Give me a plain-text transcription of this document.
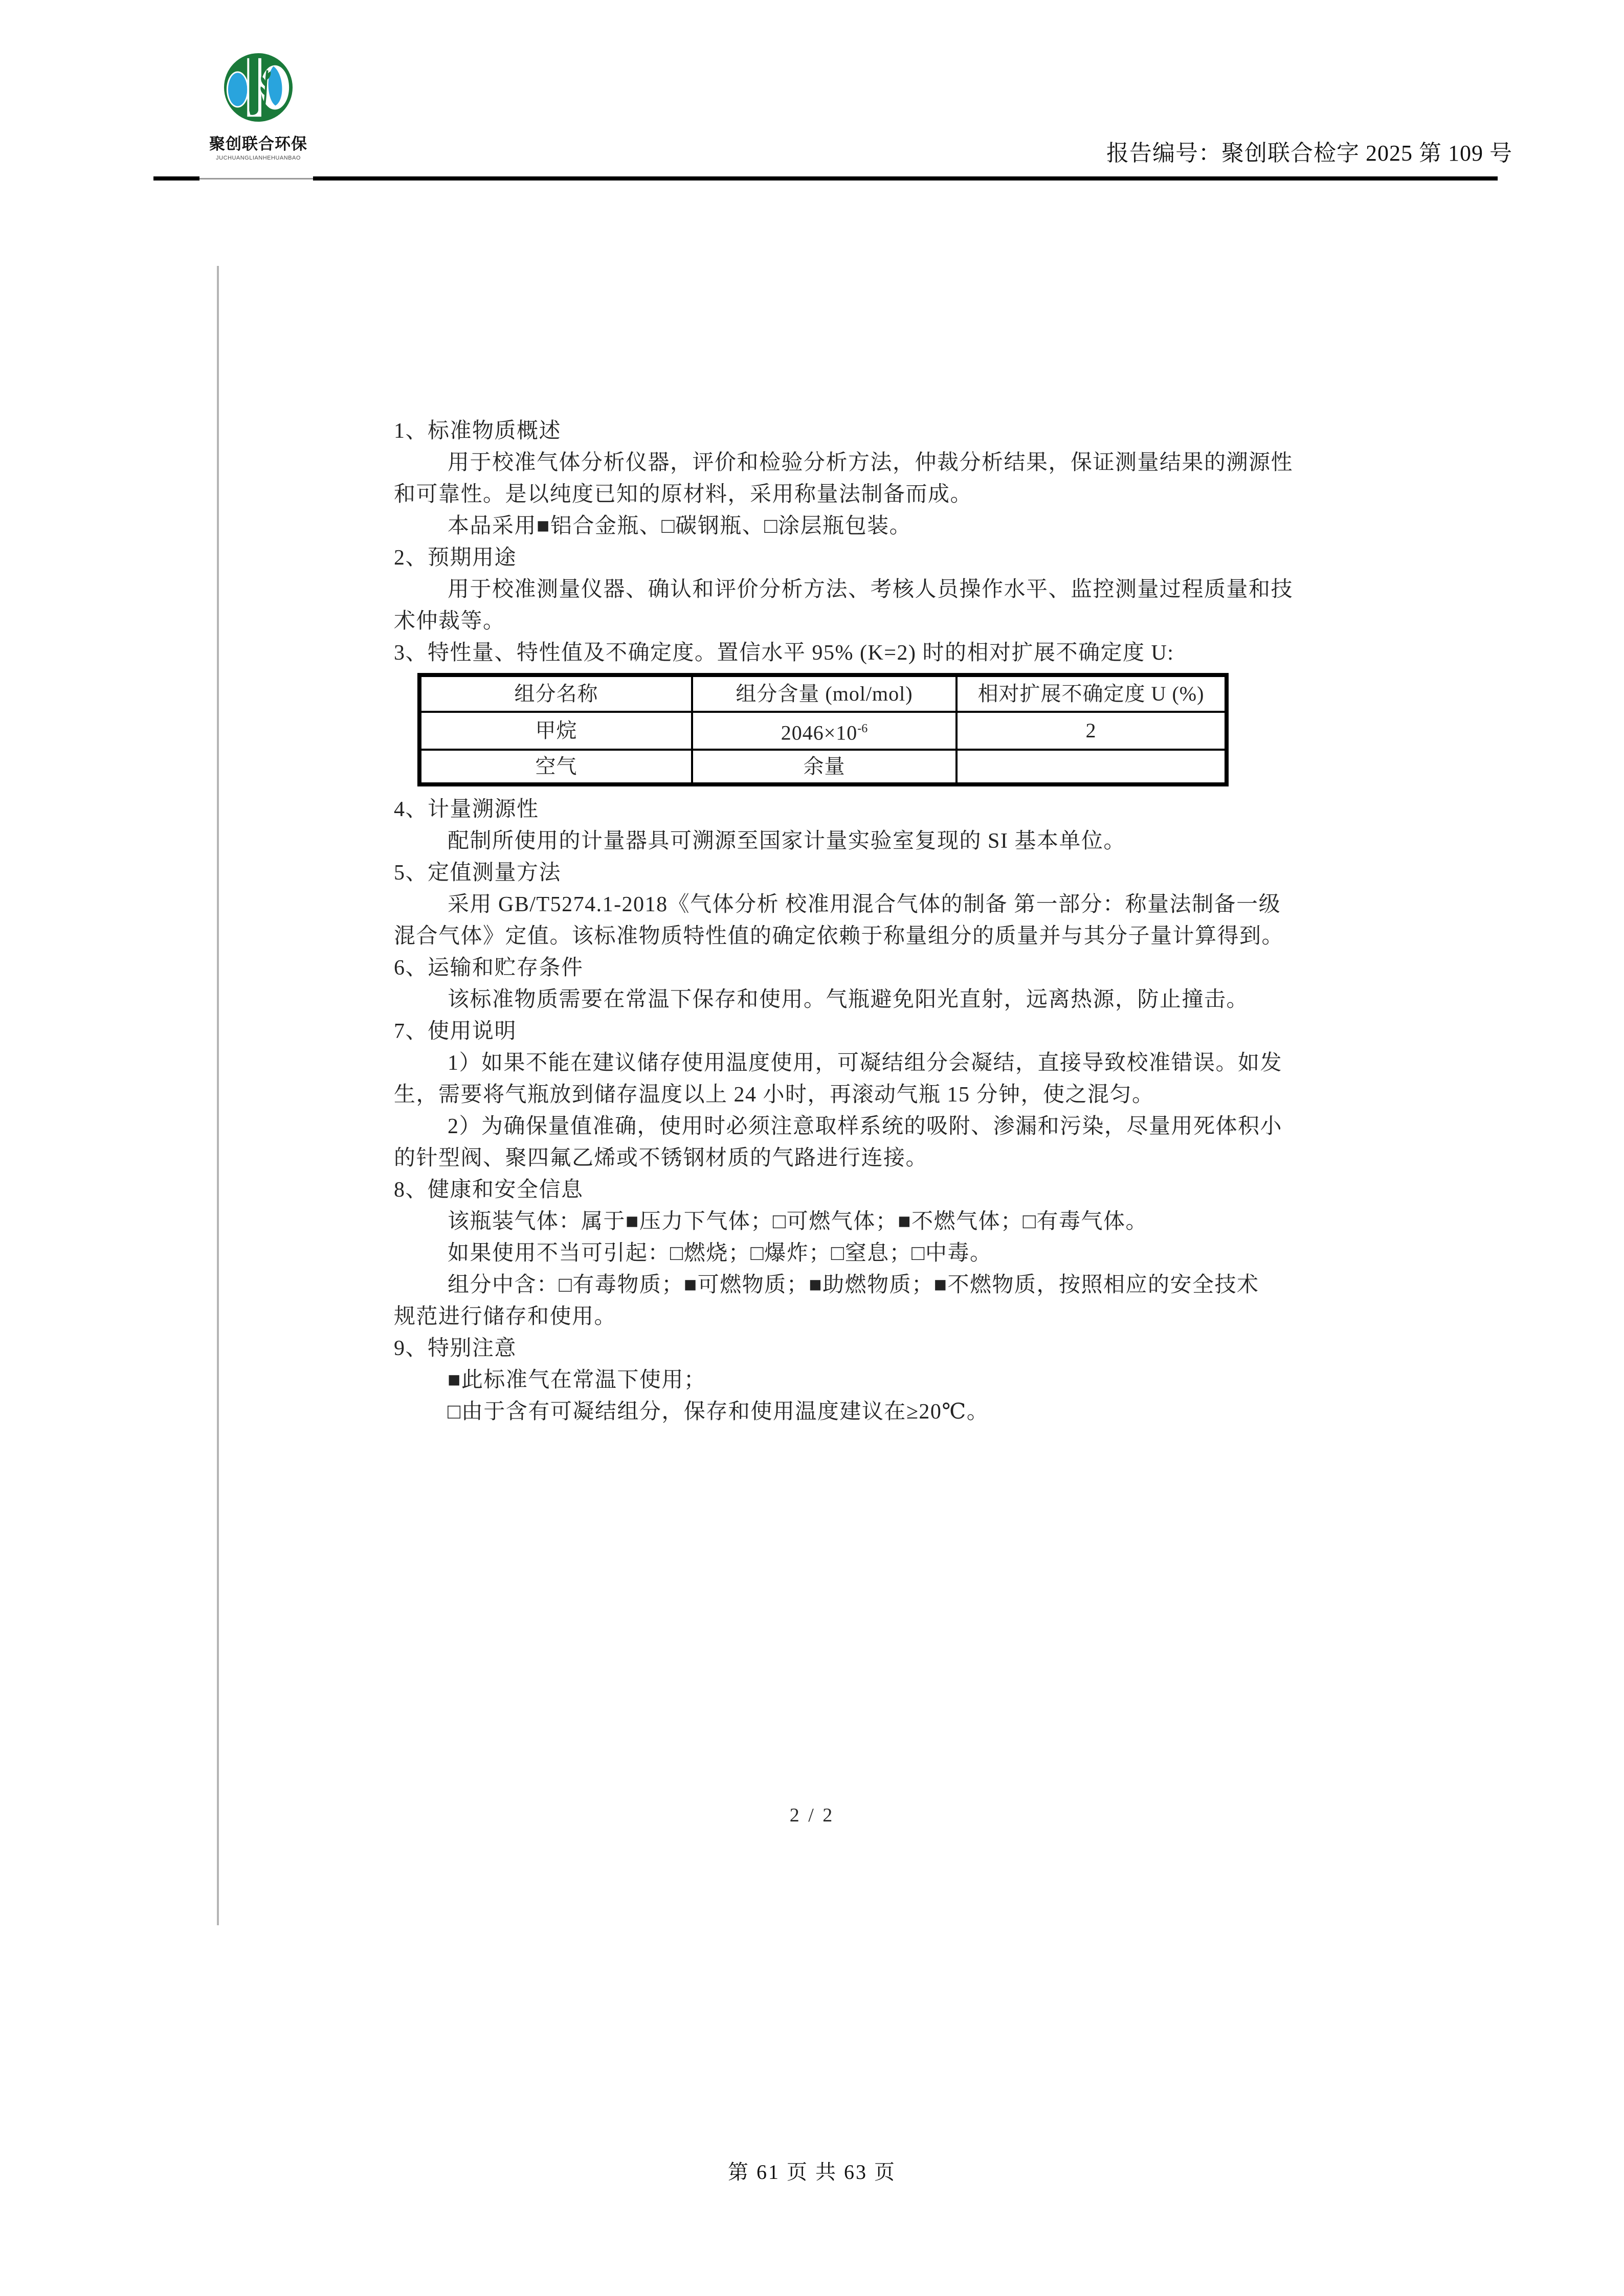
聚创联合环保
JUCHUANGLIANHEHUANBAO	报告编号：聚创联合检字 2025 第 109 号
1、标准物质概述
用于校准气体分析仪器，评价和检验分析方法，仲裁分析结果，保证测量结果的溯源性
和可靠性。是以纯度已知的原材料，采用称量法制备而成。
本品采用■铝合金瓶、□碳钢瓶、□涂层瓶包装。
2、预期用途
用于校准测量仪器、确认和评价分析方法、考核人员操作水平、监控测量过程质量和技
术仲裁等。
3、特性量、特性值及不确定度。置信水平 95% (K=2) 时的相对扩展不确定度 U:
组分名称	组分含量 (mol/mol)	相对扩展不确定度 U (%)
甲烷	$2046\times 10^{-6}$	2
空气	余量	
4、计量溯源性
配制所使用的计量器具可溯源至国家计量实验室复现的 SI 基本单位。
5、定值测量方法
采用 GB/T5274.1-2018《气体分析 校准用混合气体的制备 第一部分：称量法制备一级
混合气体》定值。该标准物质特性值的确定依赖于称量组分的质量并与其分子量计算得到。
6、运输和贮存条件
该标准物质需要在常温下保存和使用。气瓶避免阳光直射，远离热源，防止撞击。
7、使用说明
1）如果不能在建议储存使用温度使用，可凝结组分会凝结，直接导致校准错误。如发
生，需要将气瓶放到储存温度以上 24 小时，再滚动气瓶 15 分钟，使之混匀。
2）为确保量值准确，使用时必须注意取样系统的吸附、渗漏和污染，尽量用死体积小
的针型阀、聚四氟乙烯或不锈钢材质的气路进行连接。
8、健康和安全信息
该瓶装气体：属于■压力下气体；□可燃气体；■不燃气体；□有毒气体。
如果使用不当可引起：□燃烧；□爆炸；□窒息；□中毒。
组分中含：□有毒物质；■可燃物质；■助燃物质；■不燃物质，按照相应的安全技术
规范进行储存和使用。
9、特别注意
■此标准气在常温下使用；
□由于含有可凝结组分，保存和使用温度建议在≥20℃。
2 / 2
第 61 页 共 63 页
